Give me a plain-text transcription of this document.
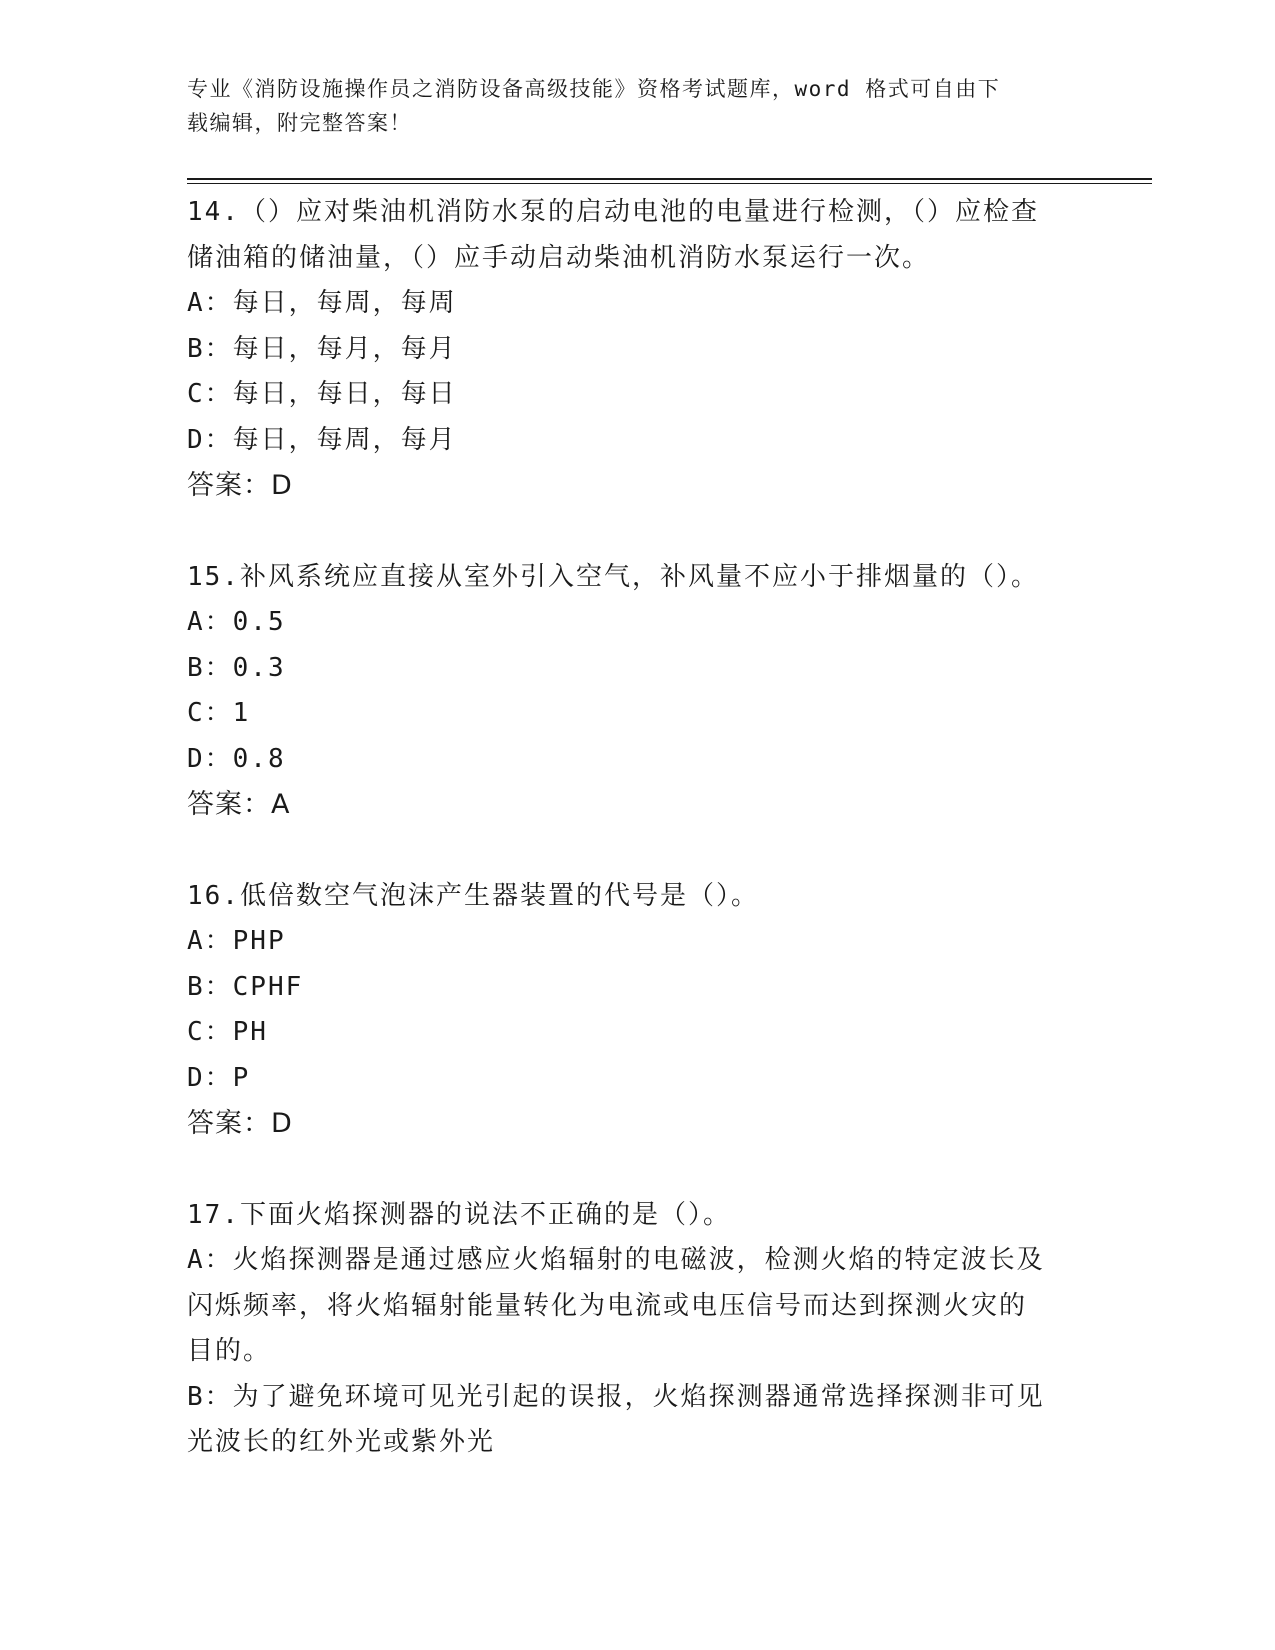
专业《消防设施操作员之消防设备高级技能》资格考试题库，word 格式可自由下
载编辑，附完整答案！

14.（）应对柴油机消防水泵的启动电池的电量进行检测，（）应检查

储油箱的储油量，（）应手动启动柴油机消防水泵运行一次。

A：每日，每周，每周

B：每日，每月，每月

C：每日，每日，每日

D：每日，每周，每月

答案：D

15.补风系统应直接从室外引入空气，补风量不应小于排烟量的（）。

A：0.5

B：0.3

C：1

D：0.8

答案：A

16.低倍数空气泡沫产生器装置的代号是（）。

A：PHP

B：CPHF

C：PH

D：P

答案：D

17.下面火焰探测器的说法不正确的是（）。

A：火焰探测器是通过感应火焰辐射的电磁波，检测火焰的特定波长及

闪烁频率，将火焰辐射能量转化为电流或电压信号而达到探测火灾的

目的。

B：为了避免环境可见光引起的误报，火焰探测器通常选择探测非可见

光波长的红外光或紫外光
